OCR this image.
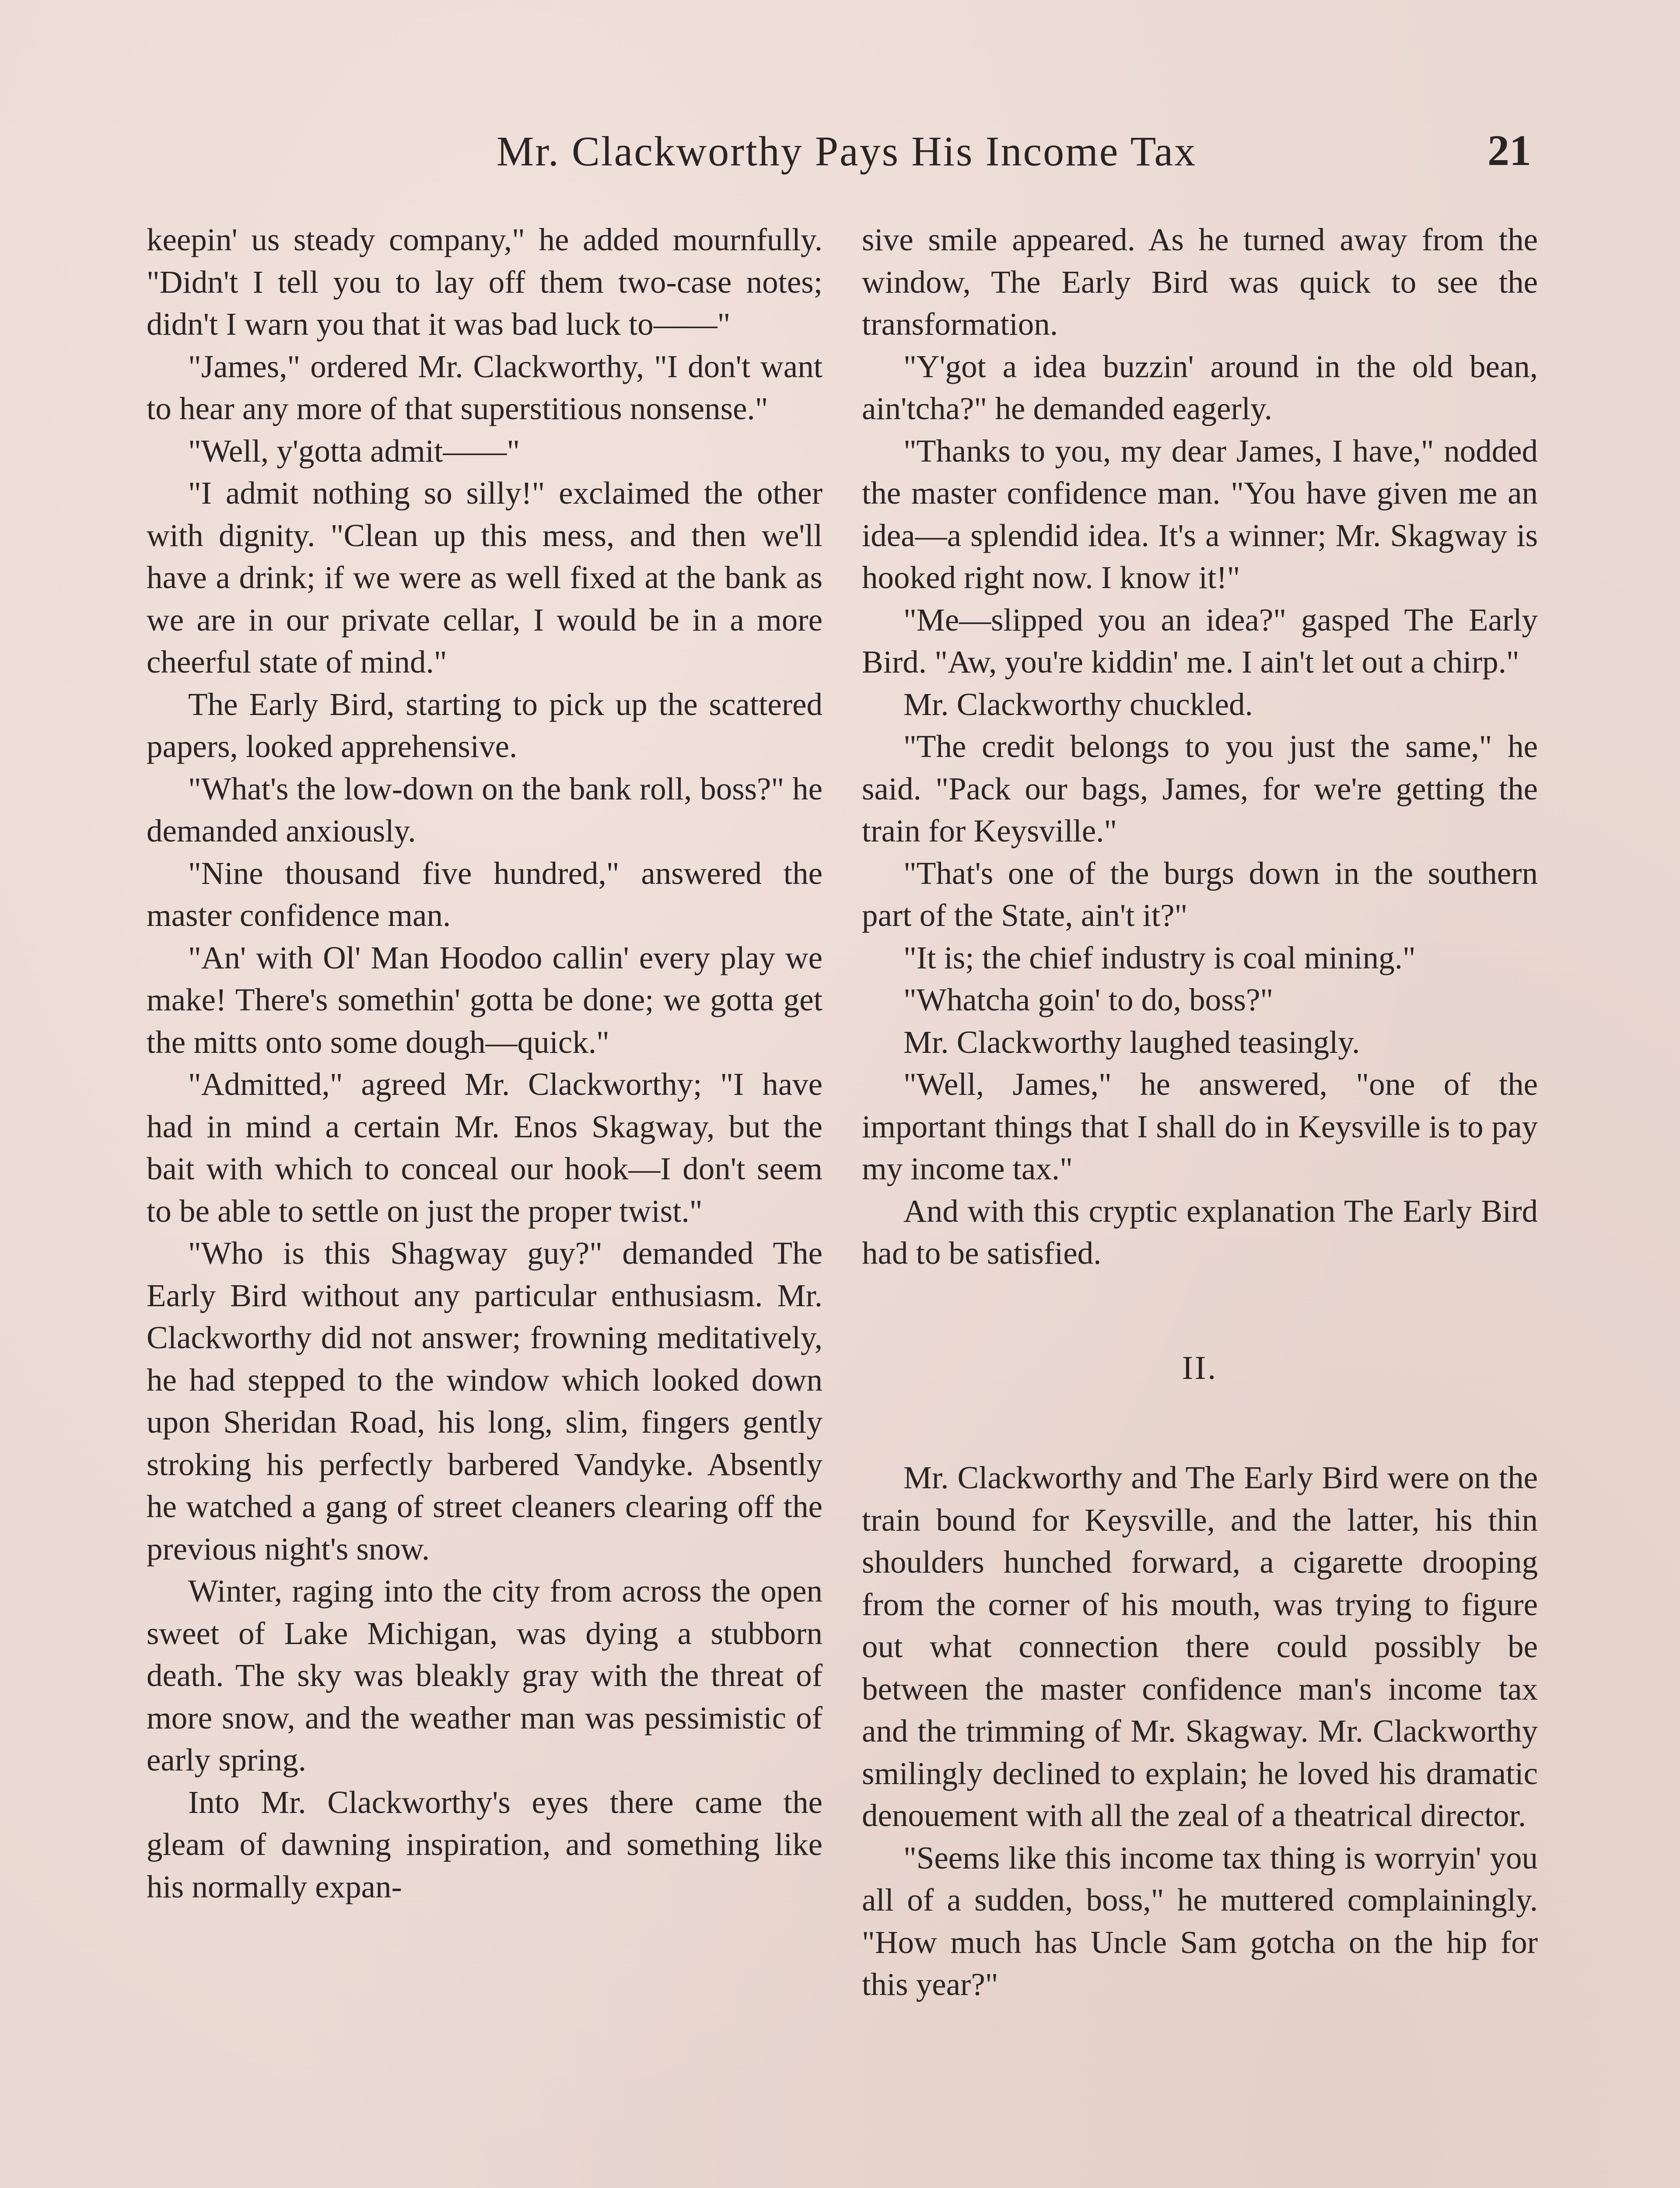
Mr. Clackworthy Pays His Income Tax	21

keepin' us steady company," he added mournfully. "Didn't I tell you to lay off them two-case notes; didn't I warn you that it was bad luck to——"

"James," ordered Mr. Clackworthy, "I don't want to hear any more of that superstitious nonsense."

"Well, y'gotta admit——"

"I admit nothing so silly!" exclaimed the other with dignity. "Clean up this mess, and then we'll have a drink; if we were as well fixed at the bank as we are in our private cellar, I would be in a more cheerful state of mind."

The Early Bird, starting to pick up the scattered papers, looked apprehensive.

"What's the low-down on the bank roll, boss?" he demanded anxiously.

"Nine thousand five hundred," answered the master confidence man.

"An' with Ol' Man Hoodoo callin' every play we make! There's somethin' gotta be done; we gotta get the mitts onto some dough—quick."

"Admitted," agreed Mr. Clackworthy; "I have had in mind a certain Mr. Enos Skagway, but the bait with which to conceal our hook—I don't seem to be able to settle on just the proper twist."

"Who is this Shagway guy?" demanded The Early Bird without any particular enthusiasm. Mr. Clackworthy did not answer; frowning meditatively, he had stepped to the window which looked down upon Sheridan Road, his long, slim, fingers gently stroking his perfectly barbered Vandyke. Absently he watched a gang of street cleaners clearing off the previous night's snow.

Winter, raging into the city from across the open sweet of Lake Michigan, was dying a stubborn death. The sky was bleakly gray with the threat of more snow, and the weather man was pessimistic of early spring.

Into Mr. Clackworthy's eyes there came the gleam of dawning inspiration, and something like his normally expan-

sive smile appeared. As he turned away from the window, The Early Bird was quick to see the transformation.

"Y'got a idea buzzin' around in the old bean, ain'tcha?" he demanded eagerly.

"Thanks to you, my dear James, I have," nodded the master confidence man. "You have given me an idea—a splendid idea. It's a winner; Mr. Skagway is hooked right now. I know it!"

"Me—slipped you an idea?" gasped The Early Bird. "Aw, you're kiddin' me. I ain't let out a chirp."

Mr. Clackworthy chuckled.

"The credit belongs to you just the same," he said. "Pack our bags, James, for we're getting the train for Keysville."

"That's one of the burgs down in the southern part of the State, ain't it?"

"It is; the chief industry is coal mining."

"Whatcha goin' to do, boss?"

Mr. Clackworthy laughed teasingly.

"Well, James," he answered, "one of the important things that I shall do in Keysville is to pay my income tax."

And with this cryptic explanation The Early Bird had to be satisfied.

II.

Mr. Clackworthy and The Early Bird were on the train bound for Keysville, and the latter, his thin shoulders hunched forward, a cigarette drooping from the corner of his mouth, was trying to figure out what connection there could possibly be between the master confidence man's income tax and the trimming of Mr. Skagway. Mr. Clackworthy smilingly declined to explain; he loved his dramatic denouement with all the zeal of a theatrical director.

"Seems like this income tax thing is worryin' you all of a sudden, boss," he muttered complainingly. "How much has Uncle Sam gotcha on the hip for this year?"
